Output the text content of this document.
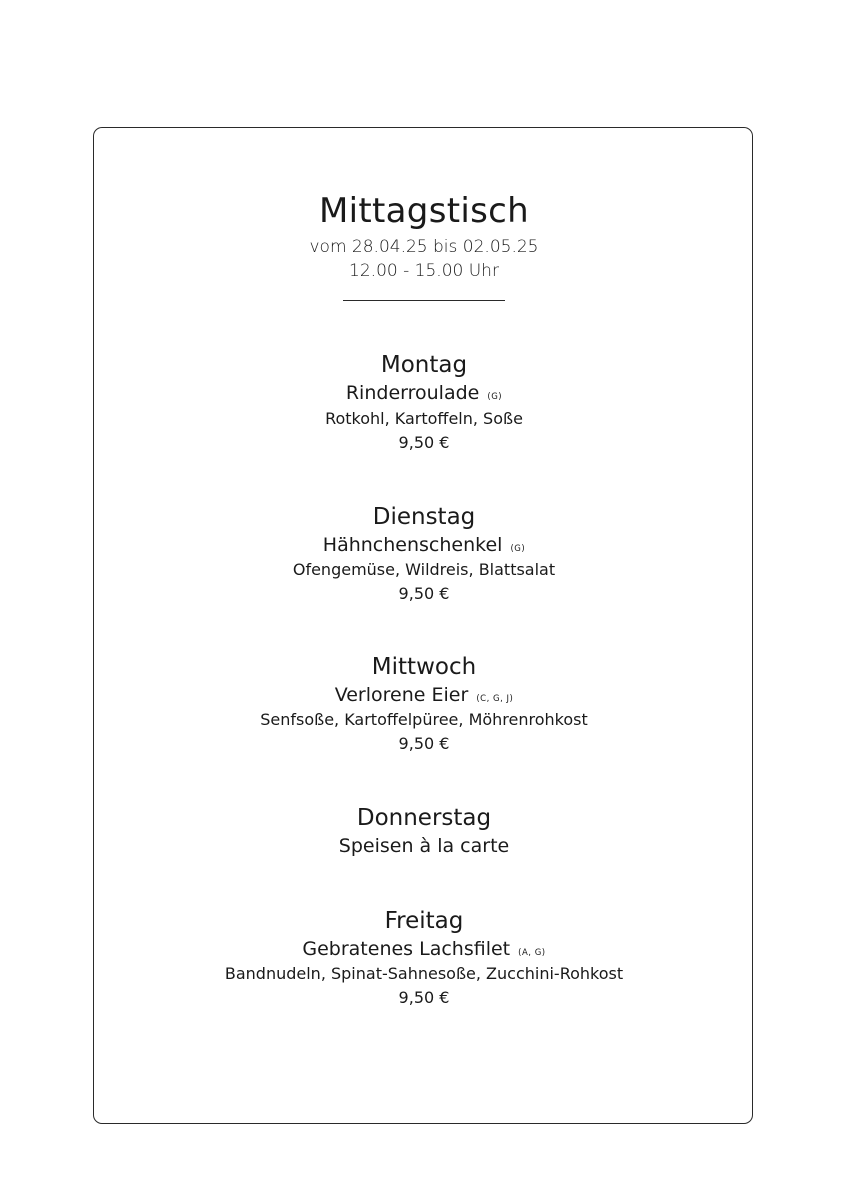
Mittagstisch
vom 28.04.25 bis 02.05.25
12.00 - 15.00 Uhr
Montag
Rinderroulade (G)
Rotkohl, Kartoffeln, Soße
9,50 €
Dienstag
Hähnchenschenkel (G)
Ofengemüse, Wildreis, Blattsalat
9,50 €
Mittwoch
Verlorene Eier (C, G, J)
Senfsoße, Kartoffelpüree, Möhrenrohkost
9,50 €
Donnerstag
Speisen à la carte
Freitag
Gebratenes Lachsfilet (A, G)
Bandnudeln, Spinat-Sahnesoße, Zucchini-Rohkost
9,50 €
